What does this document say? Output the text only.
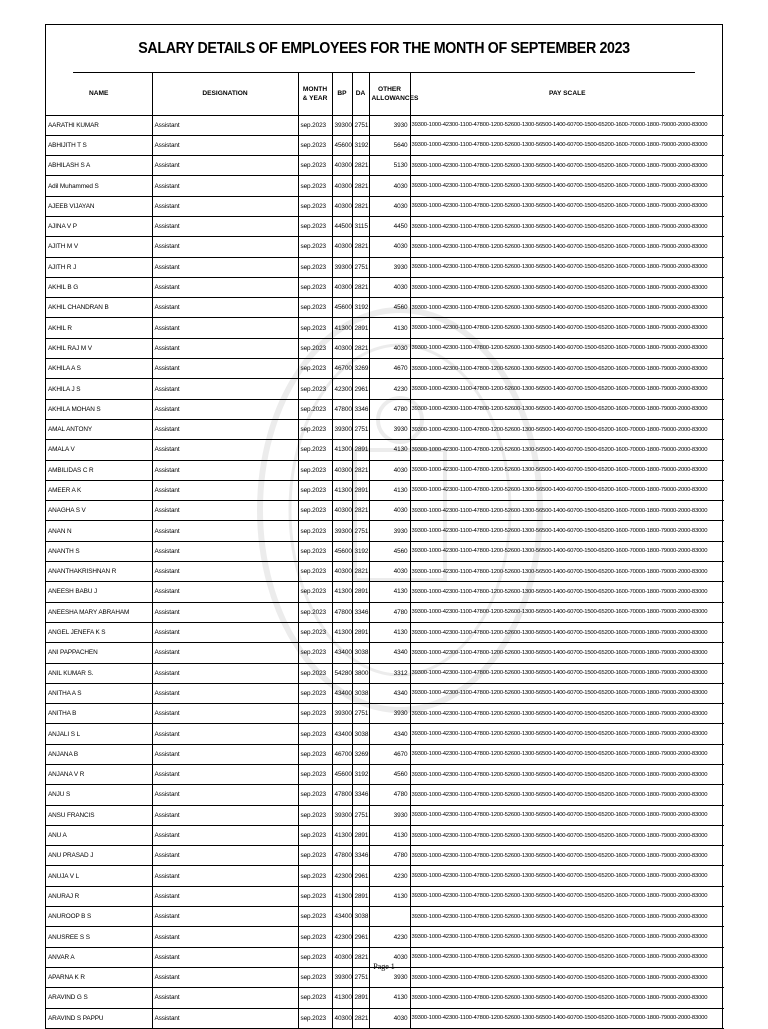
SALARY DETAILS OF EMPLOYEES FOR THE MONTH OF SEPTEMBER 2023
NAME	DESIGNATION	MONTH & YEAR	BP	DA	OTHER ALLOWANCES	PAY SCALE
AARATHI KUMAR	Assistant	sep.2023	39300	2751	3930	39300-1000-42300-1100-47800-1200-52600-1300-56500-1400-60700-1500-65200-1600-70000-1800-79000-2000-83000
ABHIJITH T S	Assistant	sep.2023	45600	3192	5640	39300-1000-42300-1100-47800-1200-52600-1300-56500-1400-60700-1500-65200-1600-70000-1800-79000-2000-83000
ABHILASH S A	Assistant	sep.2023	40300	2821	5130	39300-1000-42300-1100-47800-1200-52600-1300-56500-1400-60700-1500-65200-1600-70000-1800-79000-2000-83000
Adil Muhammed S	Assistant	sep.2023	40300	2821	4030	39300-1000-42300-1100-47800-1200-52600-1300-56500-1400-60700-1500-65200-1600-70000-1800-79000-2000-83000
AJEEB VIJAYAN	Assistant	sep.2023	40300	2821	4030	39300-1000-42300-1100-47800-1200-52600-1300-56500-1400-60700-1500-65200-1600-70000-1800-79000-2000-83000
AJINA V P	Assistant	sep.2023	44500	3115	4450	39300-1000-42300-1100-47800-1200-52600-1300-56500-1400-60700-1500-65200-1600-70000-1800-79000-2000-83000
AJITH M V	Assistant	sep.2023	40300	2821	4030	39300-1000-42300-1100-47800-1200-52600-1300-56500-1400-60700-1500-65200-1600-70000-1800-79000-2000-83000
AJITH R J	Assistant	sep.2023	39300	2751	3930	39300-1000-42300-1100-47800-1200-52600-1300-56500-1400-60700-1500-65200-1600-70000-1800-79000-2000-83000
AKHIL B G	Assistant	sep.2023	40300	2821	4030	39300-1000-42300-1100-47800-1200-52600-1300-56500-1400-60700-1500-65200-1600-70000-1800-79000-2000-83000
AKHIL CHANDRAN B	Assistant	sep.2023	45600	3192	4560	39300-1000-42300-1100-47800-1200-52600-1300-56500-1400-60700-1500-65200-1600-70000-1800-79000-2000-83000
AKHIL R	Assistant	sep.2023	41300	2891	4130	39300-1000-42300-1100-47800-1200-52600-1300-56500-1400-60700-1500-65200-1600-70000-1800-79000-2000-83000
AKHIL RAJ M V	Assistant	sep.2023	40300	2821	4030	39300-1000-42300-1100-47800-1200-52600-1300-56500-1400-60700-1500-65200-1600-70000-1800-79000-2000-83000
AKHILA A S	Assistant	sep.2023	46700	3269	4670	39300-1000-42300-1100-47800-1200-52600-1300-56500-1400-60700-1500-65200-1600-70000-1800-79000-2000-83000
AKHILA J S	Assistant	sep.2023	42300	2961	4230	39300-1000-42300-1100-47800-1200-52600-1300-56500-1400-60700-1500-65200-1600-70000-1800-79000-2000-83000
AKHILA MOHAN S	Assistant	sep.2023	47800	3346	4780	39300-1000-42300-1100-47800-1200-52600-1300-56500-1400-60700-1500-65200-1600-70000-1800-79000-2000-83000
AMAL ANTONY	Assistant	sep.2023	39300	2751	3930	39300-1000-42300-1100-47800-1200-52600-1300-56500-1400-60700-1500-65200-1600-70000-1800-79000-2000-83000
AMALA V	Assistant	sep.2023	41300	2891	4130	39300-1000-42300-1100-47800-1200-52600-1300-56500-1400-60700-1500-65200-1600-70000-1800-79000-2000-83000
AMBILIDAS C R	Assistant	sep.2023	40300	2821	4030	39300-1000-42300-1100-47800-1200-52600-1300-56500-1400-60700-1500-65200-1600-70000-1800-79000-2000-83000
AMEER A K	Assistant	sep.2023	41300	2891	4130	39300-1000-42300-1100-47800-1200-52600-1300-56500-1400-60700-1500-65200-1600-70000-1800-79000-2000-83000
ANAGHA S V	Assistant	sep.2023	40300	2821	4030	39300-1000-42300-1100-47800-1200-52600-1300-56500-1400-60700-1500-65200-1600-70000-1800-79000-2000-83000
ANAN N	Assistant	sep.2023	39300	2751	3930	39300-1000-42300-1100-47800-1200-52600-1300-56500-1400-60700-1500-65200-1600-70000-1800-79000-2000-83000
ANANTH S	Assistant	sep.2023	45600	3192	4560	39300-1000-42300-1100-47800-1200-52600-1300-56500-1400-60700-1500-65200-1600-70000-1800-79000-2000-83000
ANANTHAKRISHNAN R	Assistant	sep.2023	40300	2821	4030	39300-1000-42300-1100-47800-1200-52600-1300-56500-1400-60700-1500-65200-1600-70000-1800-79000-2000-83000
ANEESH BABU J	Assistant	sep.2023	41300	2891	4130	39300-1000-42300-1100-47800-1200-52600-1300-56500-1400-60700-1500-65200-1600-70000-1800-79000-2000-83000
ANEESHA MARY ABRAHAM	Assistant	sep.2023	47800	3346	4780	39300-1000-42300-1100-47800-1200-52600-1300-56500-1400-60700-1500-65200-1600-70000-1800-79000-2000-83000
ANGEL JENEFA K S	Assistant	sep.2023	41300	2891	4130	39300-1000-42300-1100-47800-1200-52600-1300-56500-1400-60700-1500-65200-1600-70000-1800-79000-2000-83000
ANI PAPPACHEN	Assistant	sep.2023	43400	3038	4340	39300-1000-42300-1100-47800-1200-52600-1300-56500-1400-60700-1500-65200-1600-70000-1800-79000-2000-83000
ANIL KUMAR S.	Assistant	sep.2023	54280	3800	3312	39300-1000-42300-1100-47800-1200-52600-1300-56500-1400-60700-1500-65200-1600-70000-1800-79000-2000-83000
ANITHA A S	Assistant	sep.2023	43400	3038	4340	39300-1000-42300-1100-47800-1200-52600-1300-56500-1400-60700-1500-65200-1600-70000-1800-79000-2000-83000
ANITHA B	Assistant	sep.2023	39300	2751	3930	39300-1000-42300-1100-47800-1200-52600-1300-56500-1400-60700-1500-65200-1600-70000-1800-79000-2000-83000
ANJALI S L	Assistant	sep.2023	43400	3038	4340	39300-1000-42300-1100-47800-1200-52600-1300-56500-1400-60700-1500-65200-1600-70000-1800-79000-2000-83000
ANJANA B	Assistant	sep.2023	46700	3269	4670	39300-1000-42300-1100-47800-1200-52600-1300-56500-1400-60700-1500-65200-1600-70000-1800-79000-2000-83000
ANJANA V R	Assistant	sep.2023	45600	3192	4560	39300-1000-42300-1100-47800-1200-52600-1300-56500-1400-60700-1500-65200-1600-70000-1800-79000-2000-83000
ANJU S	Assistant	sep.2023	47800	3346	4780	39300-1000-42300-1100-47800-1200-52600-1300-56500-1400-60700-1500-65200-1600-70000-1800-79000-2000-83000
ANSU FRANCIS	Assistant	sep.2023	39300	2751	3930	39300-1000-42300-1100-47800-1200-52600-1300-56500-1400-60700-1500-65200-1600-70000-1800-79000-2000-83000
ANU A	Assistant	sep.2023	41300	2891	4130	39300-1000-42300-1100-47800-1200-52600-1300-56500-1400-60700-1500-65200-1600-70000-1800-79000-2000-83000
ANU PRASAD J	Assistant	sep.2023	47800	3346	4780	39300-1000-42300-1100-47800-1200-52600-1300-56500-1400-60700-1500-65200-1600-70000-1800-79000-2000-83000
ANUJA V L	Assistant	sep.2023	42300	2961	4230	39300-1000-42300-1100-47800-1200-52600-1300-56500-1400-60700-1500-65200-1600-70000-1800-79000-2000-83000
ANURAJ R	Assistant	sep.2023	41300	2891	4130	39300-1000-42300-1100-47800-1200-52600-1300-56500-1400-60700-1500-65200-1600-70000-1800-79000-2000-83000
ANUROOP B S	Assistant	sep.2023	43400	3038		39300-1000-42300-1100-47800-1200-52600-1300-56500-1400-60700-1500-65200-1600-70000-1800-79000-2000-83000
ANUSREE S S	Assistant	sep.2023	42300	2961	4230	39300-1000-42300-1100-47800-1200-52600-1300-56500-1400-60700-1500-65200-1600-70000-1800-79000-2000-83000
ANVAR A	Assistant	sep.2023	40300	2821	4030	39300-1000-42300-1100-47800-1200-52600-1300-56500-1400-60700-1500-65200-1600-70000-1800-79000-2000-83000
APARNA K R	Assistant	sep.2023	39300	2751	3930	39300-1000-42300-1100-47800-1200-52600-1300-56500-1400-60700-1500-65200-1600-70000-1800-79000-2000-83000
ARAVIND G S	Assistant	sep.2023	41300	2891	4130	39300-1000-42300-1100-47800-1200-52600-1300-56500-1400-60700-1500-65200-1600-70000-1800-79000-2000-83000
ARAVIND S PAPPU	Assistant	sep.2023	40300	2821	4030	39300-1000-42300-1100-47800-1200-52600-1300-56500-1400-60700-1500-65200-1600-70000-1800-79000-2000-83000
Page 1
